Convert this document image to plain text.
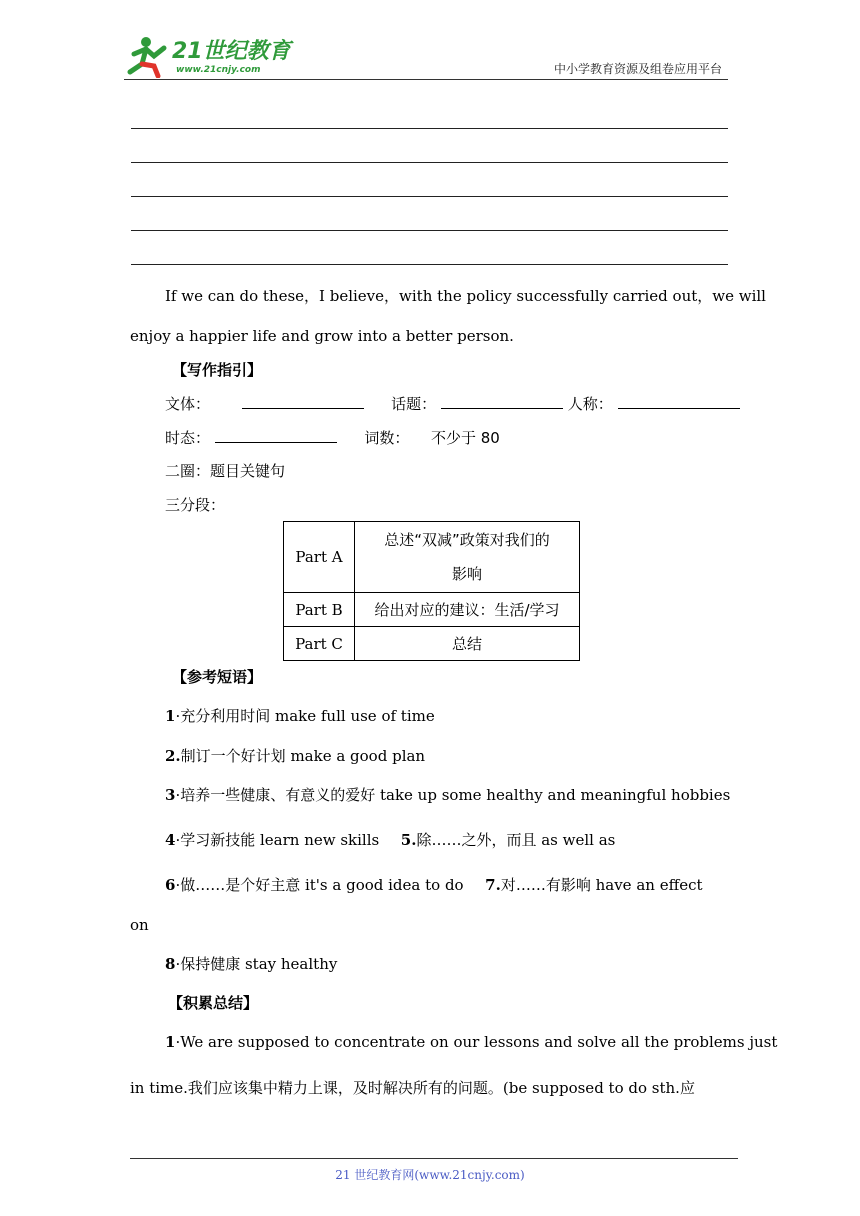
21世纪教育
www.21cnjy.com	中小学教育资源及组卷应用平台
If we can do these，I believe，with the policy successfully carried out，we will
enjoy a happier life and grow into a better person.
【写作指引】
文体：	话题：	人称：
时态：	词数： 不少于 80
二圈：题目关键句
三分段：
Part A	总述“双减”政策对我们的
影响
Part B	给出对应的建议：生活/学习
Part C	总结
【参考短语】
1·充分利用时间 make full use of time
2.制订一个好计划 make a good plan
3·培养一些健康、有意义的爱好 take up some healthy and meaningful hobbies
4·学习新技能 learn new skills 5.除……之外，而且 as well as
6·做……是个好主意 it's a good idea to do 7.对……有影响 have an effect
on
8·保持健康 stay healthy
【积累总结】
1·We are supposed to concentrate on our lessons and solve all the problems just
in time.我们应该集中精力上课，及时解决所有的问题。(be supposed to do sth.应
21 世纪教育网(www.21cnjy.com)
